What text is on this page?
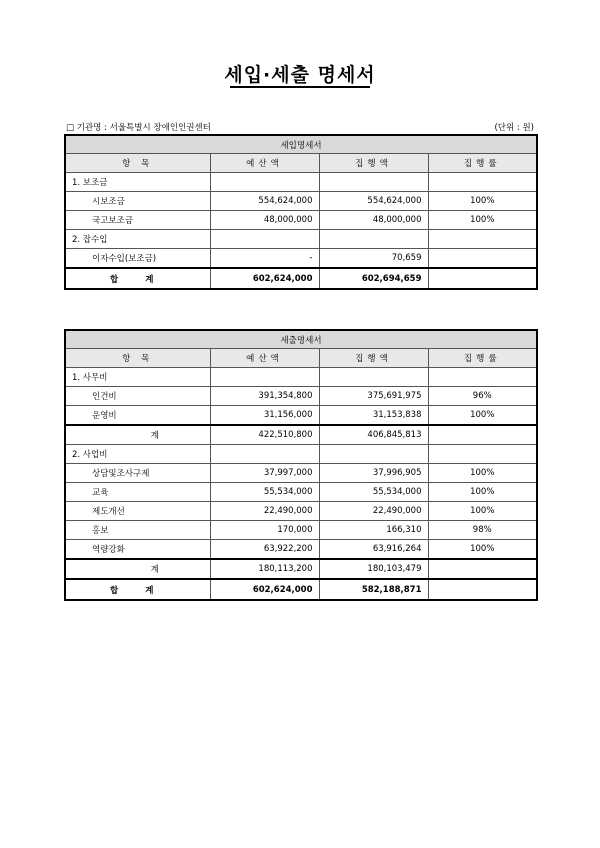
세입·세출 명세서
□ 기관명 : 서울특별시 장애인인권센터	(단위 : 원)
세입명세서			
항 목	예산액	집행액	집행률
1. 보조금			
시보조금	554,624,000	554,624,000	100%
국고보조금	48,000,000	48,000,000	100%
2. 잡수입			
이자수입(보조금)	-	70,659	
합 계	602,624,000	602,694,659	
세출명세서			
항 목	예산액	집행액	집행률
1. 사무비			
인건비	391,354,800	375,691,975	96%
운영비	31,156,000	31,153,838	100%
계	422,510,800	406,845,813	
2. 사업비			
상담및조사구제	37,997,000	37,996,905	100%
교육	55,534,000	55,534,000	100%
제도개선	22,490,000	22,490,000	100%
홍보	170,000	166,310	98%
역량강화	63,922,200	63,916,264	100%
계	180,113,200	180,103,479	
합 계	602,624,000	582,188,871	
